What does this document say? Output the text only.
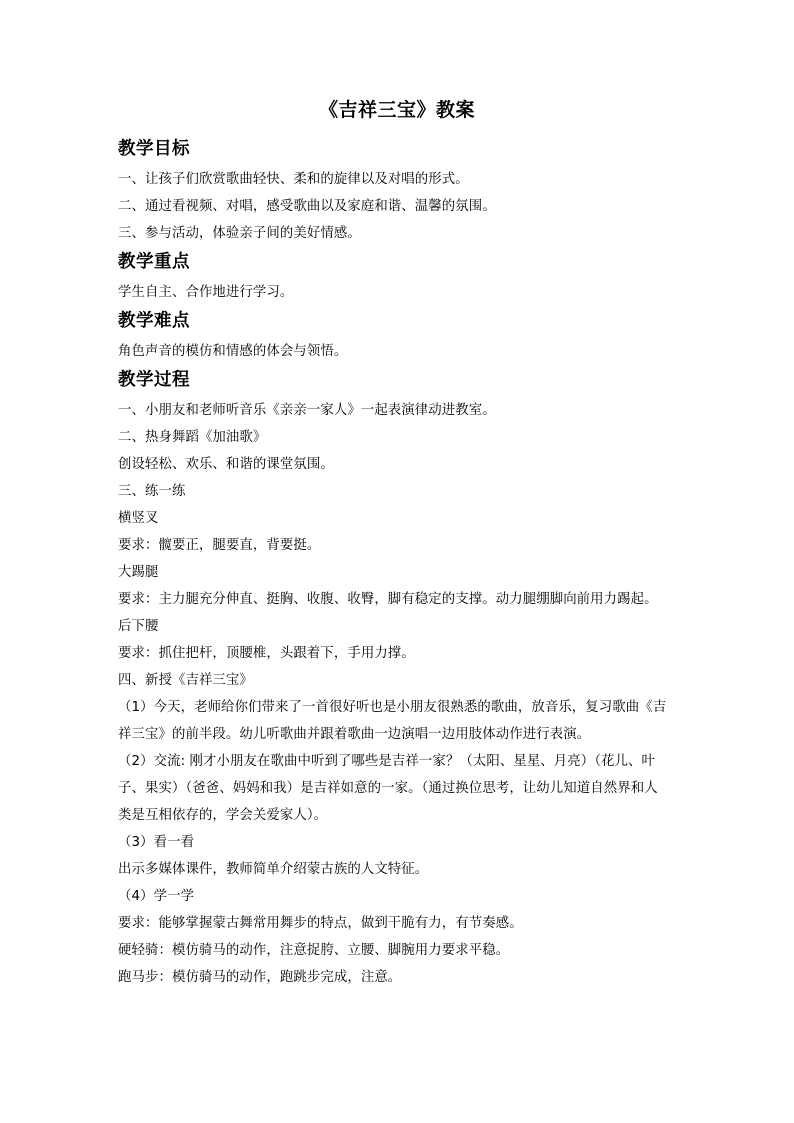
《吉祥三宝》教案
教学目标

一、让孩子们欣赏歌曲轻快、柔和的旋律以及对唱的形式。

二、通过看视频、对唱，感受歌曲以及家庭和谐、温馨的氛围。

三、参与活动，体验亲子间的美好情感。

教学重点

学生自主、合作地进行学习。

教学难点

角色声音的模仿和情感的体会与领悟。

教学过程

一、小朋友和老师听音乐《亲亲一家人》一起表演律动进教室。

二、热身舞蹈《加油歌》

创设轻松、欢乐、和谐的课堂氛围。

三、练一练

横竖叉

要求：髋要正，腿要直，背要挺。

大踢腿

要求：主力腿充分伸直、挺胸、收腹、收臀，脚有稳定的支撑。动力腿绷脚向前用力踢起。

后下腰

要求：抓住把杆，顶腰椎，头跟着下，手用力撑。

四、新授《吉祥三宝》

（1）今天，老师给你们带来了一首很好听也是小朋友很熟悉的歌曲，放音乐，复习歌曲《吉

祥三宝》的前半段。幼儿听歌曲并跟着歌曲一边演唱一边用肢体动作进行表演。

（2）交流: 刚才小朋友在歌曲中听到了哪些是吉祥一家？（太阳、星星、月亮）（花儿、叶

子、果实）（爸爸、妈妈和我）是吉祥如意的一家。（通过换位思考，让幼儿知道自然界和人

类是互相依存的，学会关爱家人）。

（3）看一看

出示多媒体课件，教师简单介绍蒙古族的人文特征。

（4）学一学

要求：能够掌握蒙古舞常用舞步的特点，做到干脆有力，有节奏感。

硬轻骑：模仿骑马的动作，注意捉胯、立腰、脚腕用力要求平稳。

跑马步：模仿骑马的动作，跑跳步完成，注意。
